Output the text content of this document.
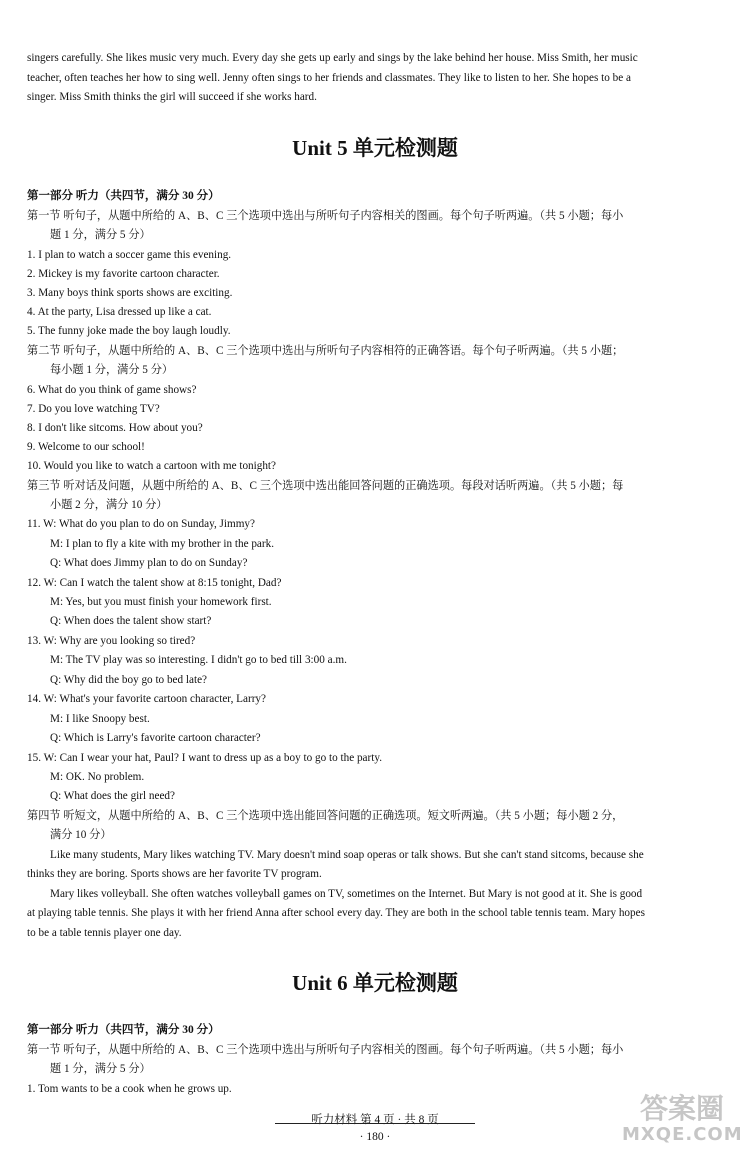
singers carefully. She likes music very much. Every day she gets up early and sings by the lake behind her house. Miss Smith, her music
teacher, often teaches her how to sing well. Jenny often sings to her friends and classmates. They like to listen to her. She hopes to be a
singer. Miss Smith thinks the girl will succeed if she works hard.
Unit 5 单元检测题
第一部分 听力（共四节，满分 30 分）
第一节 听句子，从题中所给的 A、B、C 三个选项中选出与所听句子内容相关的图画。每个句子听两遍。（共 5 小题；每小
题 1 分，满分 5 分）
1. I plan to watch a soccer game this evening.
2. Mickey is my favorite cartoon character.
3. Many boys think sports shows are exciting.
4. At the party, Lisa dressed up like a cat.
5. The funny joke made the boy laugh loudly.
第二节 听句子，从题中所给的 A、B、C 三个选项中选出与所听句子内容相符的正确答语。每个句子听两遍。（共 5 小题；
每小题 1 分，满分 5 分）
6. What do you think of game shows?
7. Do you love watching TV?
8. I don't like sitcoms. How about you?
9. Welcome to our school!
10. Would you like to watch a cartoon with me tonight?
第三节 听对话及问题，从题中所给的 A、B、C 三个选项中选出能回答问题的正确选项。每段对话听两遍。（共 5 小题；每
小题 2 分，满分 10 分）
11. W: What do you plan to do on Sunday, Jimmy?
M: I plan to fly a kite with my brother in the park.
Q: What does Jimmy plan to do on Sunday?
12. W: Can I watch the talent show at 8:15 tonight, Dad?
M: Yes, but you must finish your homework first.
Q: When does the talent show start?
13. W: Why are you looking so tired?
M: The TV play was so interesting. I didn't go to bed till 3:00 a.m.
Q: Why did the boy go to bed late?
14. W: What's your favorite cartoon character, Larry?
M: I like Snoopy best.
Q: Which is Larry's favorite cartoon character?
15. W: Can I wear your hat, Paul? I want to dress up as a boy to go to the party.
M: OK. No problem.
Q: What does the girl need?
第四节 听短文，从题中所给的 A、B、C 三个选项中选出能回答问题的正确选项。短文听两遍。（共 5 小题；每小题 2 分，
满分 10 分）
Like many students, Mary likes watching TV. Mary doesn't mind soap operas or talk shows. But she can't stand sitcoms, because she
thinks they are boring. Sports shows are her favorite TV program.
Mary likes volleyball. She often watches volleyball games on TV, sometimes on the Internet. But Mary is not good at it. She is good
at playing table tennis. She plays it with her friend Anna after school every day. They are both in the school table tennis team. Mary hopes
to be a table tennis player one day.
Unit 6 单元检测题
第一部分 听力（共四节，满分 30 分）
第一节 听句子，从题中所给的 A、B、C 三个选项中选出与所听句子内容相关的图画。每个句子听两遍。（共 5 小题；每小
题 1 分，满分 5 分）
1. Tom wants to be a cook when he grows up.
听力材料 第 4 页 · 共 8 页
· 180 ·
答案圈
MXQE.COM
